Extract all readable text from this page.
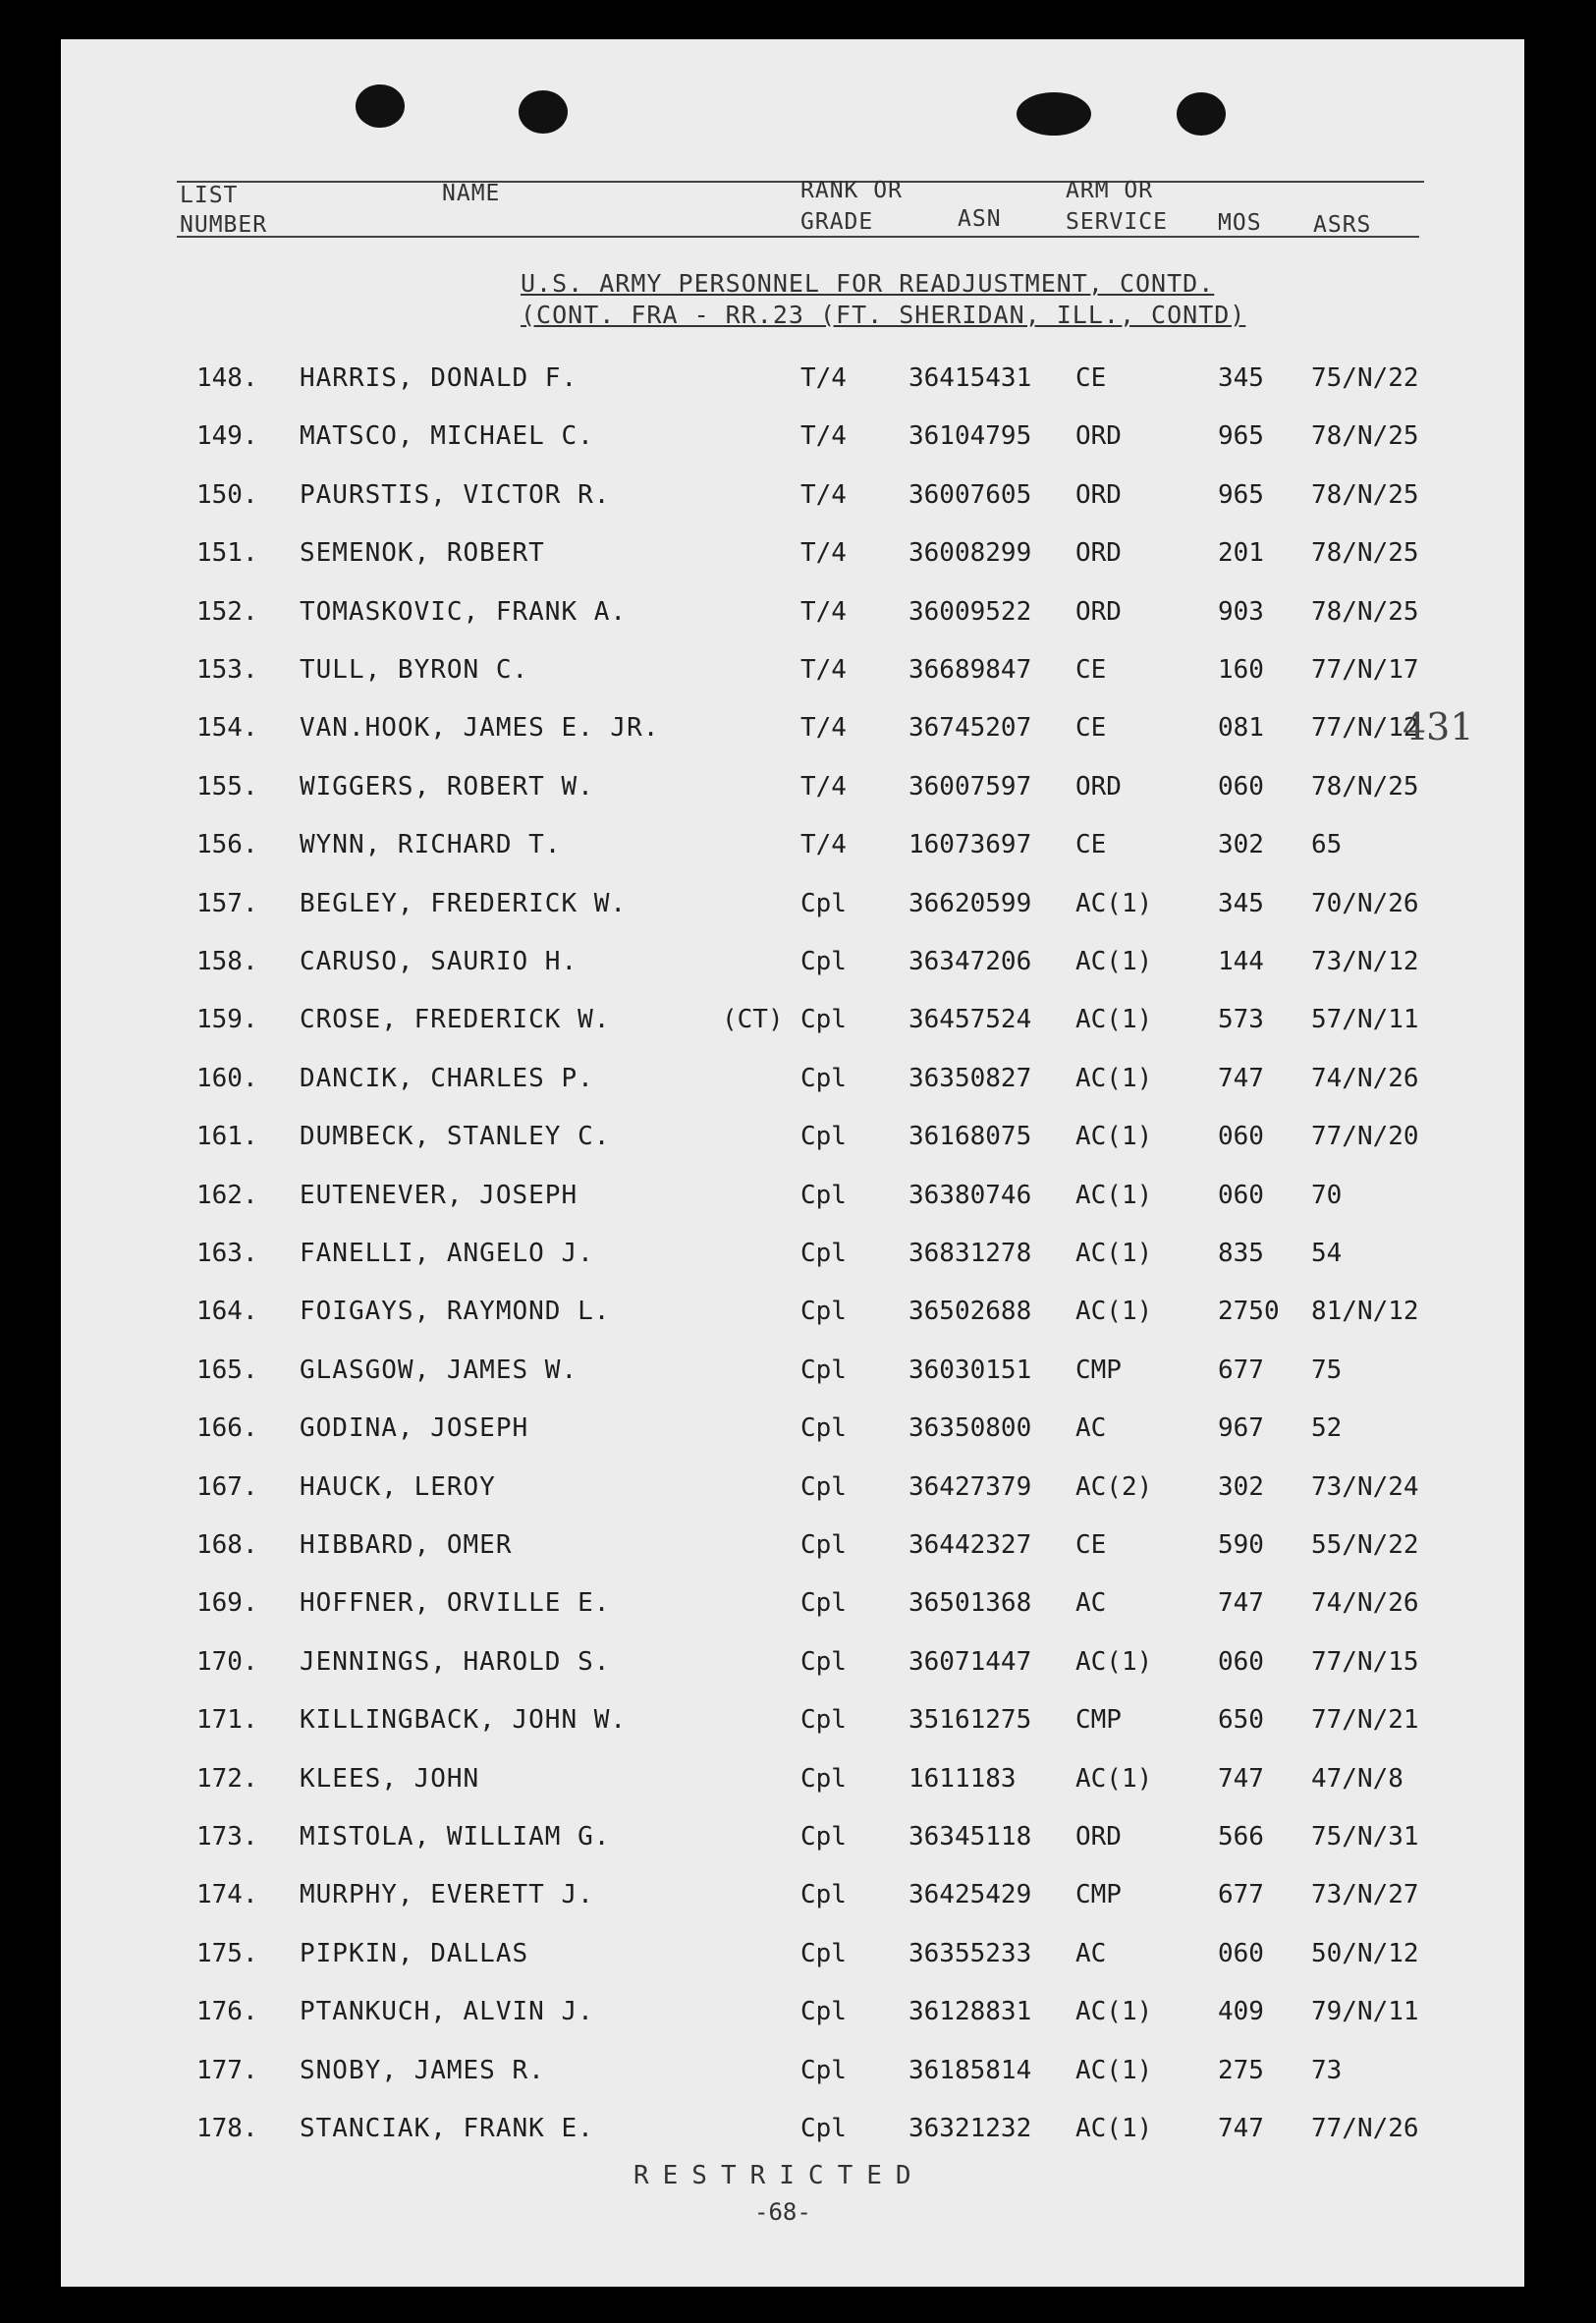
LIST
NUMBER
NAME	RANK OR
GRADE	ASN
ARM OR
SERVICE MOS ASRS
U.S. ARMY PERSONNEL FOR READJUSTMENT, CONTD.
(CONT. FRA - RR.23 (FT. SHERIDAN, ILL., CONTD)
148. HARRIS, DONALD F.	T/4 36415431 CE	345 75/N/22
149. MATSCO, MICHAEL C.	T/4 36104795 ORD	965 78/N/25
150. PAURSTIS, VICTOR R.	T/4 36007605 ORD	965 78/N/25
151. SEMENOK, ROBERT	T/4 36008299 ORD	201 78/N/25
152. TOMASKOVIC, FRANK A.	T/4 36009522 ORD	903 78/N/25
153. TULL, BYRON C.	T/4 36689847 CE	160 77/N/17
154. VAN.HOOK, JAMES E. JR.	T/4 36745207 CE	081 77/N/12
155. WIGGERS, ROBERT W.	T/4 36007597 ORD	060 78/N/25
156. WYNN, RICHARD T.	T/4 16073697 CE	302 65
157. BEGLEY, FREDERICK W.	Cpl 36620599 AC(1)	345 70/N/26
158. CARUSO, SAURIO H.	Cpl 36347206 AC(1)	144 73/N/12
159. CROSE, FREDERICK W.	(CT) Cpl 36457524 AC(1)	573 57/N/11
160. DANCIK, CHARLES P.	Cpl 36350827 AC(1)	747 74/N/26
161. DUMBECK, STANLEY C.	Cpl 36168075 AC(1)	060 77/N/20
162. EUTENEVER, JOSEPH	Cpl 36380746 AC(1)	060 70
163. FANELLI, ANGELO J.	Cpl 36831278 AC(1)	835 54
164. FOIGAYS, RAYMOND L.	Cpl 36502688 AC(1)	2750 81/N/12
165. GLASGOW, JAMES W.	Cpl 36030151 CMP	677 75
166. GODINA, JOSEPH	Cpl 36350800 AC	967 52
167. HAUCK, LEROY	Cpl 36427379 AC(2)	302 73/N/24
168. HIBBARD, OMER	Cpl 36442327 CE	590 55/N/22
169. HOFFNER, ORVILLE E.	Cpl 36501368 AC	747 74/N/26
170. JENNINGS, HAROLD S.	Cpl 36071447 AC(1)	060 77/N/15
171. KILLINGBACK, JOHN W.	Cpl 35161275 CMP	650 77/N/21
172. KLEES, JOHN	Cpl 1611183 AC(1)	747 47/N/8
173. MISTOLA, WILLIAM G.	Cpl 36345118 ORD	566 75/N/31
174. MURPHY, EVERETT J.	Cpl 36425429 CMP	677 73/N/27
175. PIPKIN, DALLAS	Cpl 36355233 AC	060 50/N/12
176. PTANKUCH, ALVIN J.	Cpl 36128831 AC(1)	409 79/N/11
177. SNOBY, JAMES R.	Cpl 36185814 AC(1)	275 73
178. STANCIAK, FRANK E.	Cpl 36321232 AC(1)	747 77/N/26
431
RESTRICTED
-68-
